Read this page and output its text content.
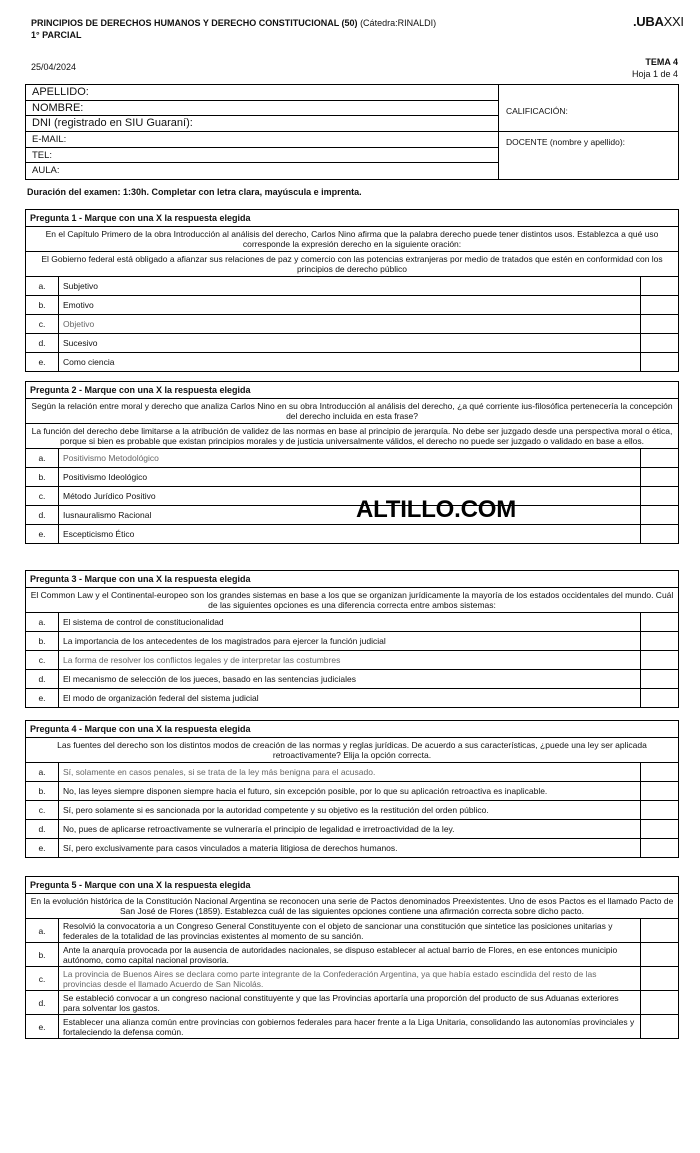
PRINCIPIOS DE DERECHOS HUMANOS Y DERECHO CONSTITUCIONAL (50) (Cátedra:RINALDI)
1° PARCIAL
.UBAXXI
25/04/2024	TEMA 4
Hoja 1 de 4
APELLIDO:
NOMBRE:
DNI (registrado en SIU Guaraní):
E-MAIL:
TEL:
AULA:
CALIFICACIÓN:
DOCENTE (nombre y apellido):
Duración del examen: 1:30h. Completar con letra clara, mayúscula e imprenta.
Pregunta 1 - Marque con una X la respuesta elegida
En el Capítulo Primero de la obra Introducción al análisis del derecho, Carlos Nino afirma que la palabra derecho puede tener distintos usos. Establezca a qué uso corresponde la expresión derecho en la siguiente oración:
El Gobierno federal está obligado a afianzar sus relaciones de paz y comercio con las potencias extranjeras por medio de tratados que estén en conformidad con los principios de derecho público
a.	Subjetivo
b.	Emotivo
c.	Objetivo
d.	Sucesivo
e.	Como ciencia
Pregunta 2 - Marque con una X la respuesta elegida
Según la relación entre moral y derecho que analiza Carlos Nino en su obra Introducción al análisis del derecho, ¿a qué corriente ius-filosófica pertenecería la concepción del derecho incluida en esta frase?
La función del derecho debe limitarse a la atribución de validez de las normas en base al principio de jerarquía. No debe ser juzgado desde una perspectiva moral o ética, porque si bien es probable que existan principios morales y de justicia universalmente válidos, el derecho no puede ser juzgado o validado en base a ellos.
a.	Positivismo Metodológico
b.	Positivismo Ideológico
c.	Método Jurídico Positivo
d.	Iusnauralismo Racional
e.	Escepticismo Ético
ALTILLO.COM
Pregunta 3 - Marque con una X la respuesta elegida
El Common Law y el Continental-europeo son los grandes sistemas en base a los que se organizan jurídicamente la mayoría de los estados occidentales del mundo. Cuál de las siguientes opciones es una diferencia correcta entre ambos sistemas:
a.	El sistema de control de constitucionalidad
b.	La importancia de los antecedentes de los magistrados para ejercer la función judicial
c.	La forma de resolver los conflictos legales y de interpretar las costumbres
d.	El mecanismo de selección de los jueces, basado en las sentencias judiciales
e.	El modo de organización federal del sistema judicial
Pregunta 4 - Marque con una X la respuesta elegida
Las fuentes del derecho son los distintos modos de creación de las normas y reglas jurídicas. De acuerdo a sus características, ¿puede una ley ser aplicada retroactivamente? Elija la opción correcta.
a.	Sí, solamente en casos penales, si se trata de la ley más benigna para el acusado.
b.	No, las leyes siempre disponen siempre hacia el futuro, sin excepción posible, por lo que su aplicación retroactiva es inaplicable.
c.	Sí, pero solamente si es sancionada por la autoridad competente y su objetivo es la restitución del orden público.
d.	No, pues de aplicarse retroactivamente se vulneraría el principio de legalidad e irretroactividad de la ley.
e.	Sí, pero exclusivamente para casos vinculados a materia litigiosa de derechos humanos.
Pregunta 5 - Marque con una X la respuesta elegida
En la evolución histórica de la Constitución Nacional Argentina se reconocen una serie de Pactos denominados Preexistentes. Uno de esos Pactos es el llamado Pacto de San José de Flores (1859). Establezca cuál de las siguientes opciones contiene una afirmación correcta sobre dicho pacto.
a.	Resolvió la convocatoria a un Congreso General Constituyente con el objeto de sancionar una constitución que sintetice las posiciones unitarias y federales de la totalidad de las provincias existentes al momento de su sanción.
b.	Ante la anarquía provocada por la ausencia de autoridades nacionales, se dispuso establecer al actual barrio de Flores, en ese entonces municipio autónomo, como capital nacional provisoria.
c.	La provincia de Buenos Aires se declara como parte integrante de la Confederación Argentina, ya que había estado escindida del resto de las provincias desde el llamado Acuerdo de San Nicolás.
d.	Se estableció convocar a un congreso nacional constituyente y que las Provincias aportaría una proporción del producto de sus Aduanas exteriores para solventar los gastos.
e.	Establecer una alianza común entre provincias con gobiernos federales para hacer frente a la Liga Unitaria, consolidando las autonomías provinciales y fortaleciendo la defensa común.
